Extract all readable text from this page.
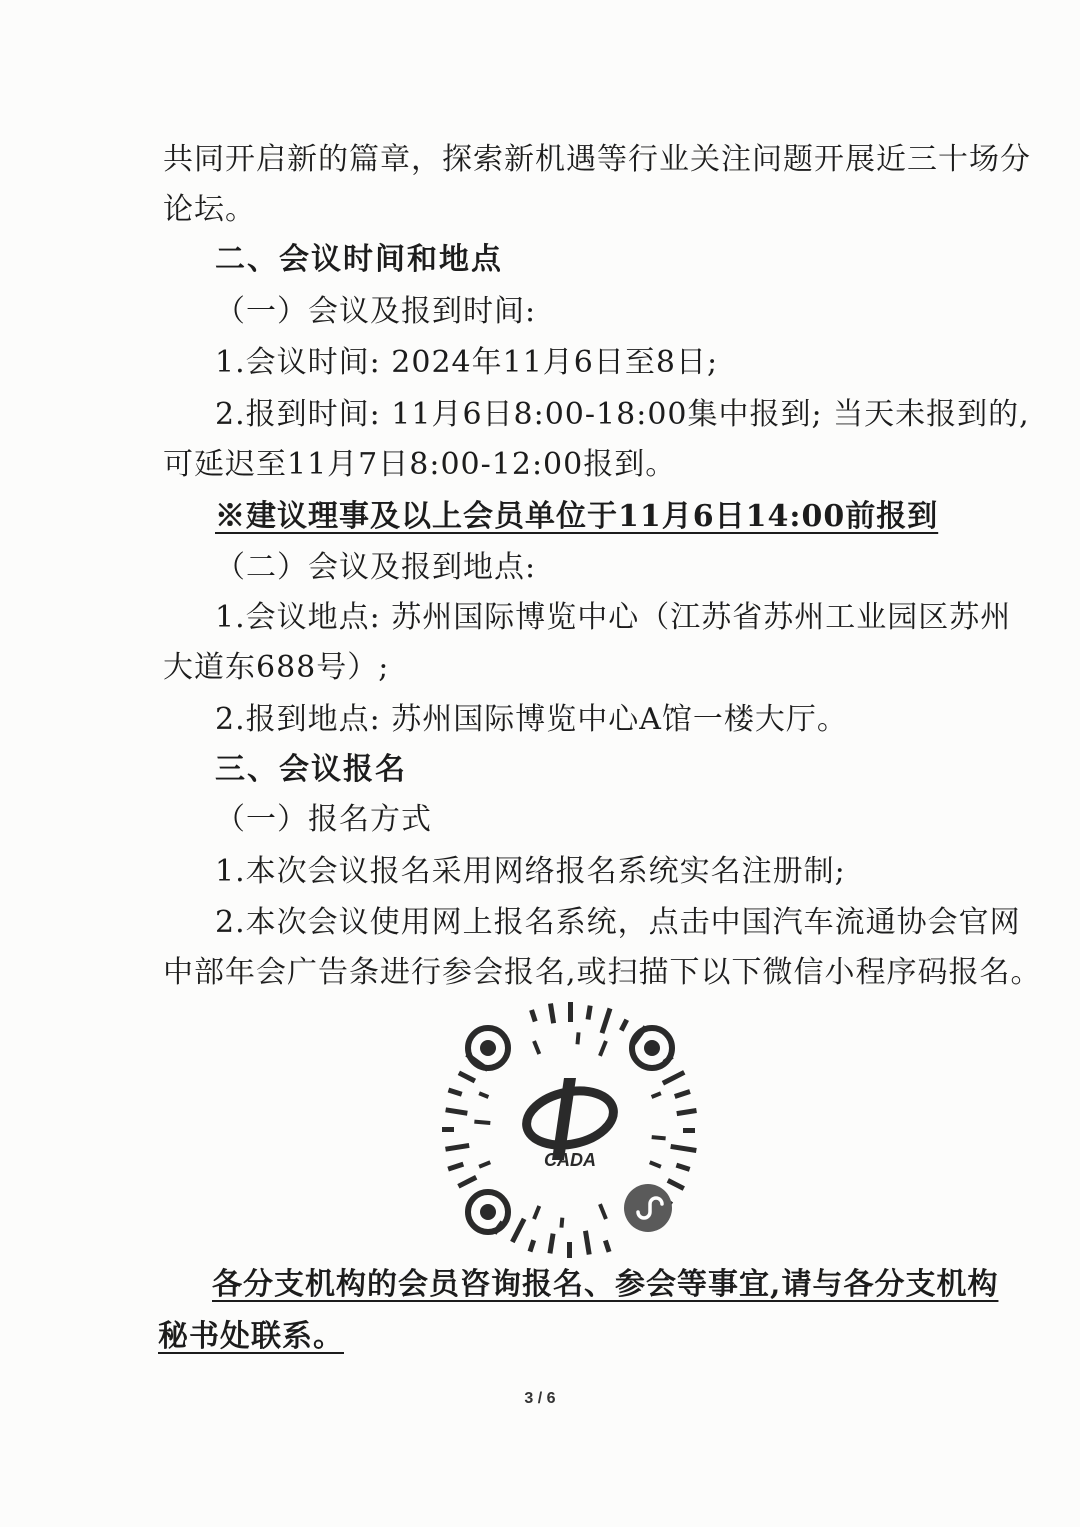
共同开启新的篇章，探索新机遇等行业关注问题开展近三十场分
论坛。
二、会议时间和地点
（一）会议及报到时间:
1.会议时间: 2024年11月6日至8日;
2.报到时间: 11月6日8:00-18:00集中报到; 当天未报到的,
可延迟至11月7日8:00-12:00报到。
※建议理事及以上会员单位于11月6日14:00前报到
（二）会议及报到地点:
1.会议地点: 苏州国际博览中心（江苏省苏州工业园区苏州
大道东688号）;
2.报到地点: 苏州国际博览中心A馆一楼大厅。
三、会议报名
（一）报名方式
1.本次会议报名采用网络报名系统实名注册制;
2.本次会议使用网上报名系统，点击中国汽车流通协会官网
中部年会广告条进行参会报名,或扫描下以下微信小程序码报名。
CADA
各分支机构的会员咨询报名、参会等事宜,请与各分支机构
秘书处联系。
3 / 6
